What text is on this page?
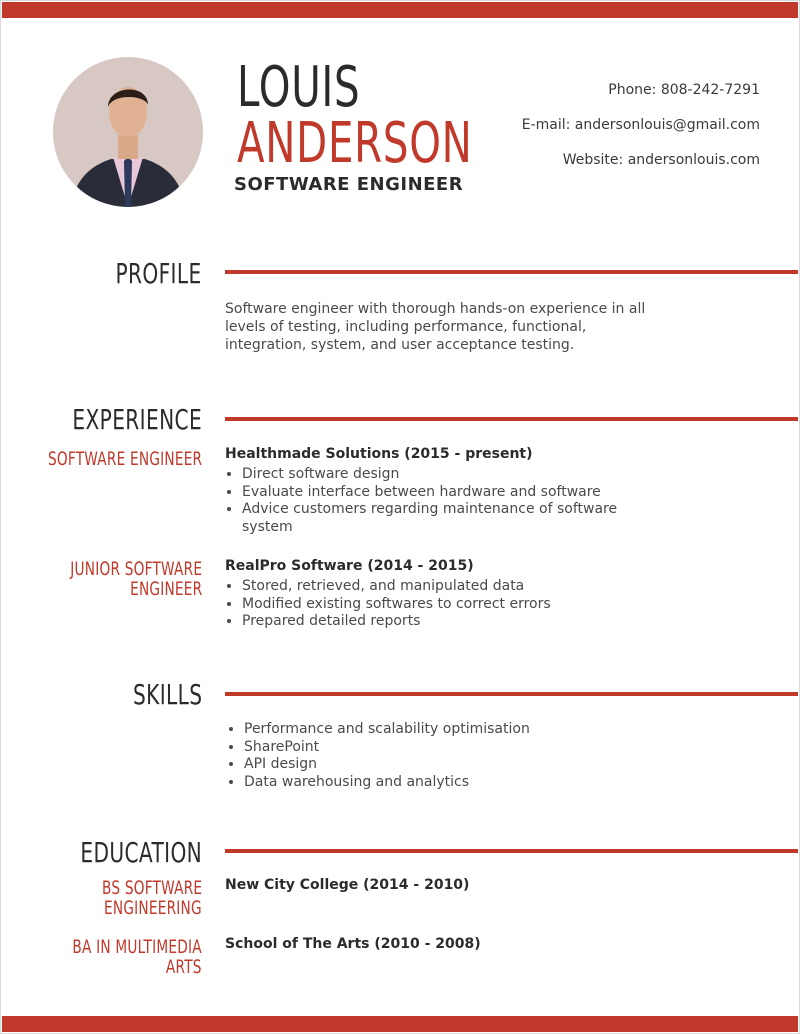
LOUIS
ANDERSON
SOFTWARE ENGINEER
Phone: 808-242-7291
E-mail: andersonlouis@gmail.com
Website: andersonlouis.com
PROFILE
Software engineer with thorough hands-on experience in all levels of testing, including performance, functional, integration, system, and user acceptance testing.
EXPERIENCE
SOFTWARE ENGINEER Healthmade Solutions (2015 - present)
• Direct software design
• Evaluate interface between hardware and software
• Advice customers regarding maintenance of software system
JUNIOR SOFTWARE
ENGINEER
RealPro Software (2014 - 2015)
• Stored, retrieved, and manipulated data
• Modified existing softwares to correct errors
• Prepared detailed reports
SKILLS
• Performance and scalability optimisation
• SharePoint
• API design
• Data warehousing and analytics
EDUCATION
BS SOFTWARE
ENGINEERING
New City College (2014 - 2010)
BA IN MULTIMEDIA
ARTS
School of The Arts (2010 - 2008)
